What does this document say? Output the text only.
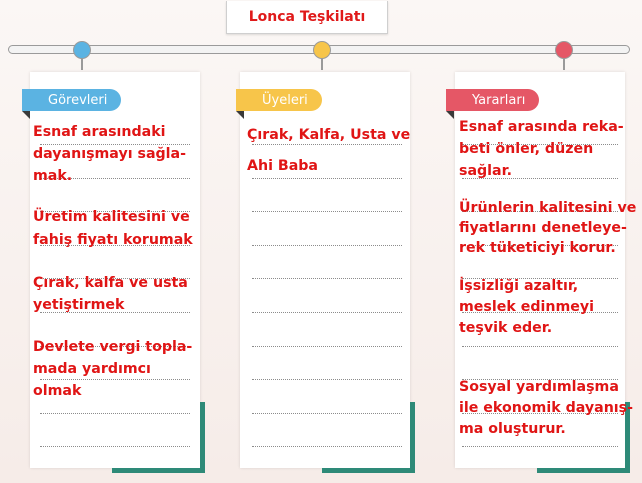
Lonca Teşkilatı
Görevleri	Üyeleri	Yararları
Esnaf arasındaki
dayanışmayı sağla-
mak.
Üretim kalitesini ve
fahiş fiyatı korumak
Çırak, kalfa ve usta
yetiştirmek
Devlete vergi topla-
mada yardımcı
olmak
Çırak, Kalfa, Usta ve
Ahi Baba
Esnaf arasında reka-
beti önler, düzen
sağlar.
Ürünlerin kalitesini ve
fiyatlarını denetleye-
rek tüketiciyi korur.
İşsizliği azaltır,
meslek edinmeyi
teşvik eder.
Sosyal yardımlaşma
ile ekonomik dayanış-
ma oluşturur.
